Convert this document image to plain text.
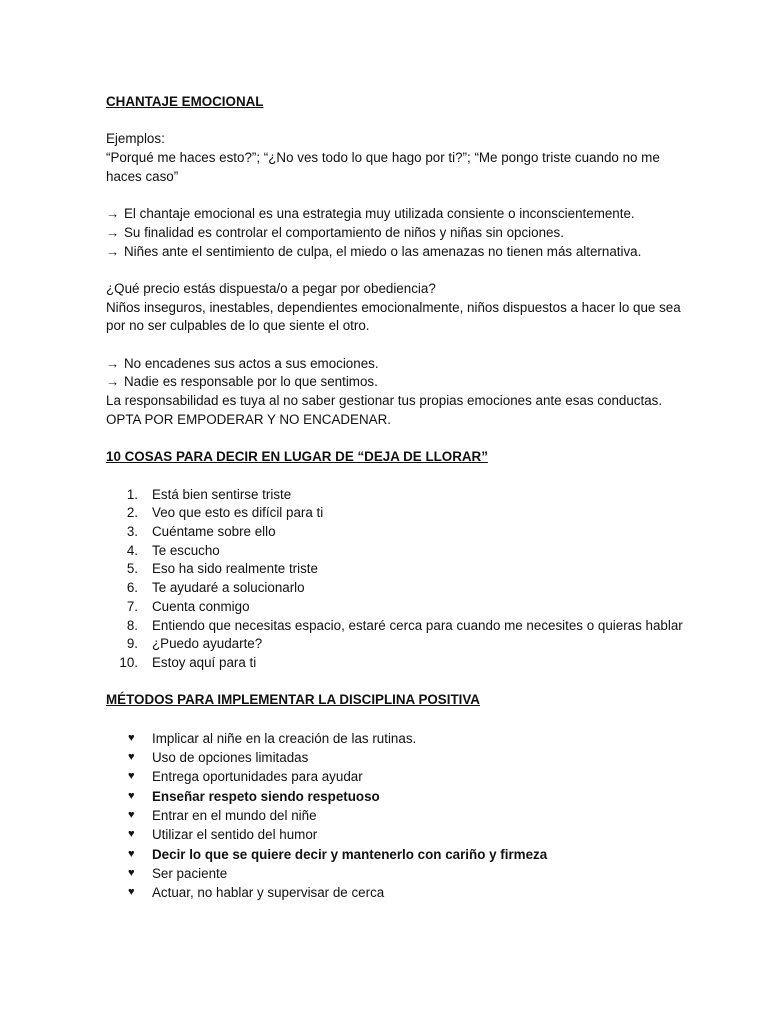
CHANTAJE EMOCIONAL

Ejemplos:

“Porqué me haces esto?”; “¿No ves todo lo que hago por ti?”; “Me pongo triste cuando no me haces caso”

→ El chantaje emocional es una estrategia muy utilizada consiente o inconscientemente.

→ Su finalidad es controlar el comportamiento de niños y niñas sin opciones.

→ Niñes ante el sentimiento de culpa, el miedo o las amenazas no tienen más alternativa.

¿Qué precio estás dispuesta/o a pegar por obediencia?

Niños inseguros, inestables, dependientes emocionalmente, niños dispuestos a hacer lo que sea por no ser culpables de lo que siente el otro.

→ No encadenes sus actos a sus emociones.

→ Nadie es responsable por lo que sentimos.

La responsabilidad es tuya al no saber gestionar tus propias emociones ante esas conductas. OPTA POR EMPODERAR Y NO ENCADENAR.

10 COSAS PARA DECIR EN LUGAR DE “DEJA DE LLORAR”

1.	Está bien sentirse triste
2.	Veo que esto es difícil para ti
3.	Cuéntame sobre ello
4.	Te escucho
5.	Eso ha sido realmente triste
6.	Te ayudaré a solucionarlo
7.	Cuenta conmigo
8.	Entiendo que necesitas espacio, estaré cerca para cuando me necesites o quieras hablar
9.	¿Puedo ayudarte?
10.	Estoy aquí para ti

MÉTODOS PARA IMPLEMENTAR LA DISCIPLINA POSITIVA

♥ Implicar al niñe en la creación de las rutinas.
♥ Uso de opciones limitadas
♥ Entrega oportunidades para ayudar
♥ Enseñar respeto siendo respetuoso
♥ Entrar en el mundo del niñe
♥ Utilizar el sentido del humor
♥ Decir lo que se quiere decir y mantenerlo con cariño y firmeza
♥ Ser paciente
♥ Actuar, no hablar y supervisar de cerca
